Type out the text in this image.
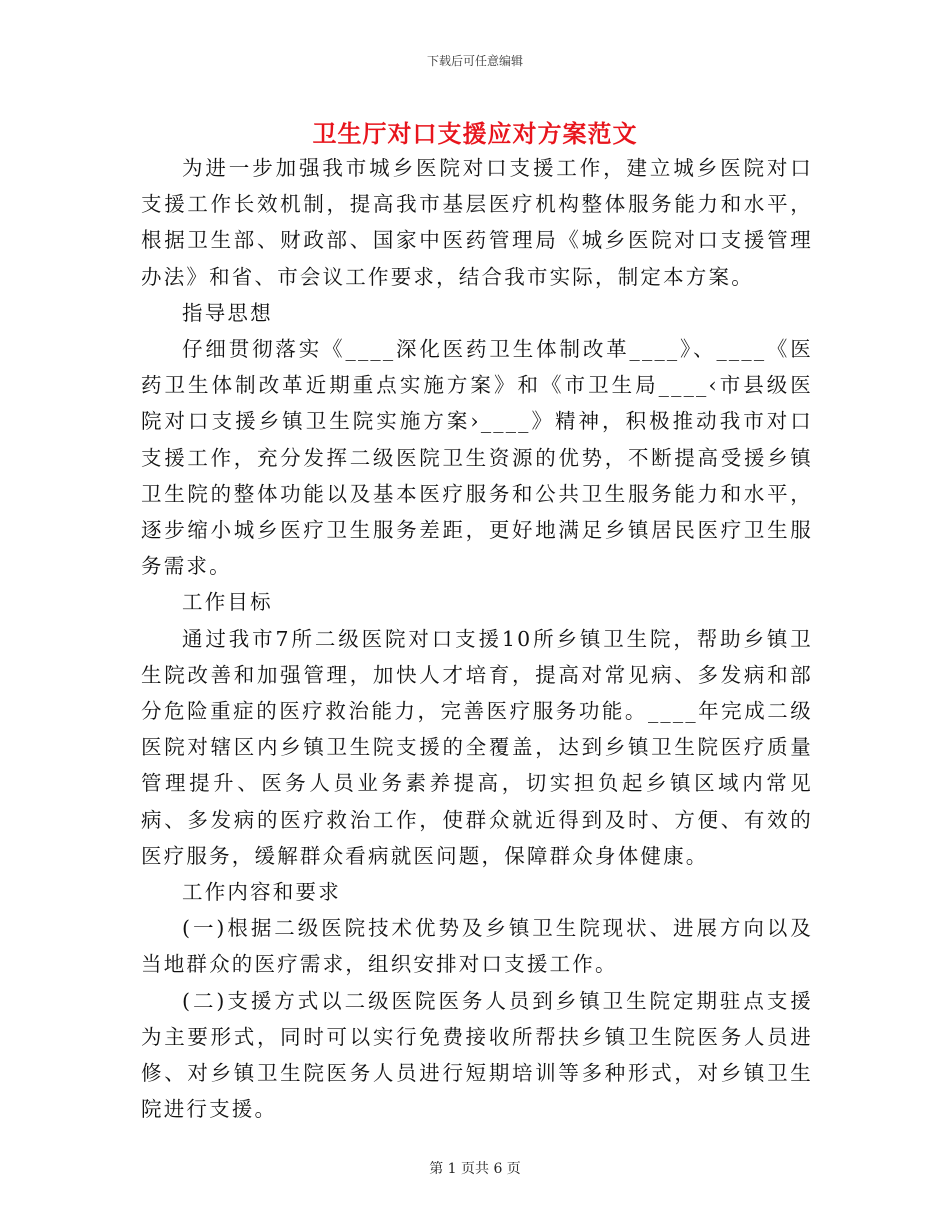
下载后可任意编辑
卫生厅对口支援应对方案范文

为进一步加强我市城乡医院对口支援工作，建立城乡医院对口支援工作长效机制，提高我市基层医疗机构整体服务能力和水平，根据卫生部、财政部、国家中医药管理局《城乡医院对口支援管理办法》和省、市会议工作要求，结合我市实际，制定本方案。

指导思想

仔细贯彻落实《____深化医药卫生体制改革____》、____《医药卫生体制改革近期重点实施方案》和《市卫生局____‹市县级医院对口支援乡镇卫生院实施方案›____》精神，积极推动我市对口支援工作，充分发挥二级医院卫生资源的优势，不断提高受援乡镇卫生院的整体功能以及基本医疗服务和公共卫生服务能力和水平，逐步缩小城乡医疗卫生服务差距，更好地满足乡镇居民医疗卫生服务需求。

工作目标

通过我市7所二级医院对口支援10所乡镇卫生院，帮助乡镇卫生院改善和加强管理，加快人才培育，提高对常见病、多发病和部分危险重症的医疗救治能力，完善医疗服务功能。____年完成二级医院对辖区内乡镇卫生院支援的全覆盖，达到乡镇卫生院医疗质量管理提升、医务人员业务素养提高，切实担负起乡镇区域内常见病、多发病的医疗救治工作，使群众就近得到及时、方便、有效的医疗服务，缓解群众看病就医问题，保障群众身体健康。

工作内容和要求

(一)根据二级医院技术优势及乡镇卫生院现状、进展方向以及当地群众的医疗需求，组织安排对口支援工作。

(二)支援方式以二级医院医务人员到乡镇卫生院定期驻点支援为主要形式，同时可以实行免费接收所帮扶乡镇卫生院医务人员进修、对乡镇卫生院医务人员进行短期培训等多种形式，对乡镇卫生院进行支援。

第 1 页共 6 页
